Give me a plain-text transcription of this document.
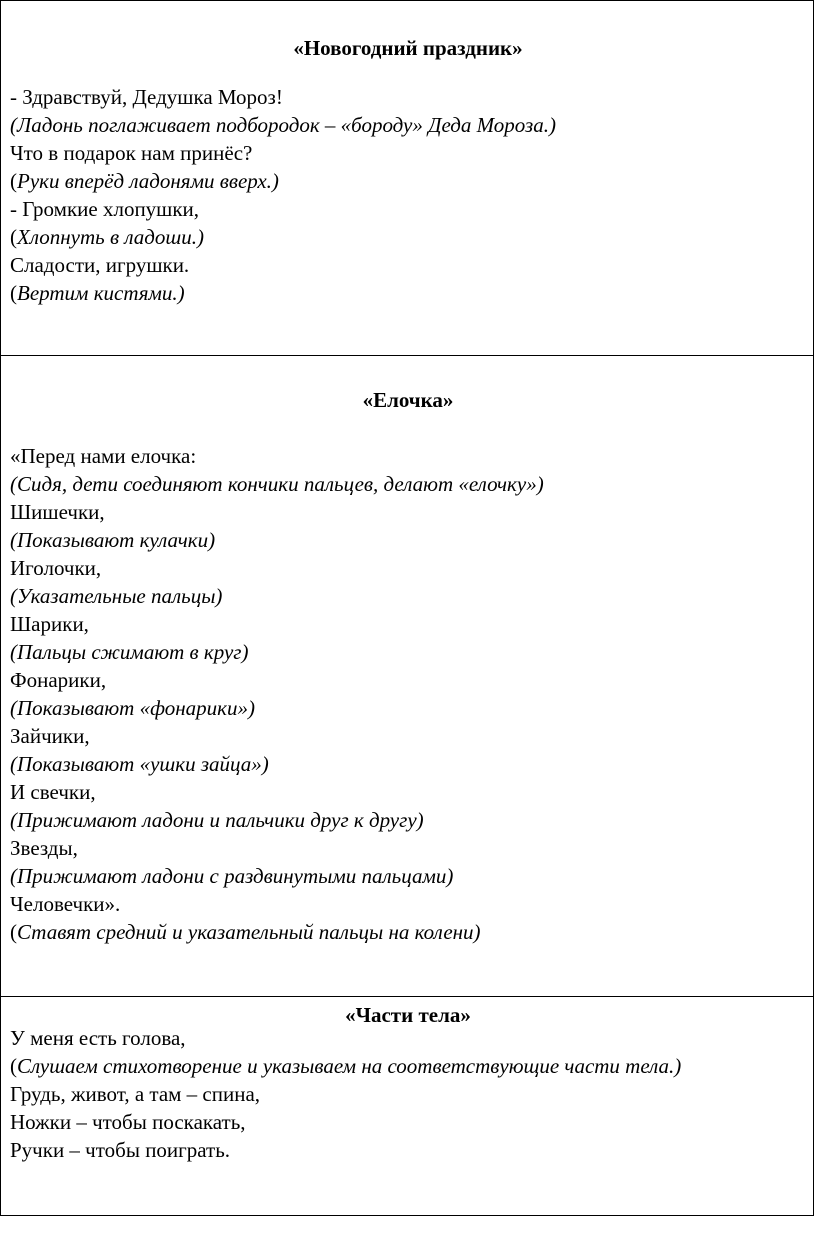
«Новогодний праздник»
- Здравствуй, Дедушка Мороз!
(Ладонь поглаживает подбородок – «бороду» Деда Мороза.)
Что в подарок нам принёс?
(Руки вперёд ладонями вверх.)
- Громкие хлопушки,
(Хлопнуть в ладоши.)
Сладости, игрушки.
(Вертим кистями.)
«Елочка»
«Перед нами елочка:
(Сидя, дети соединяют кончики пальцев, делают «елочку»)
Шишечки,
(Показывают кулачки)
Иголочки,
(Указательные пальцы)
Шарики,
(Пальцы сжимают в круг)
Фонарики,
(Показывают «фонарики»)
Зайчики,
(Показывают «ушки зайца»)
И свечки,
(Прижимают ладони и пальчики друг к другу)
Звезды,
(Прижимают ладони с раздвинутыми пальцами)
Человечки».
(Ставят средний и указательный пальцы на колени)
«Части тела»
У меня есть голова,
(Слушаем стихотворение и указываем на соответствующие части тела.)
Грудь, живот, а там – спина,
Ножки – чтобы поскакать,
Ручки – чтобы поиграть.
